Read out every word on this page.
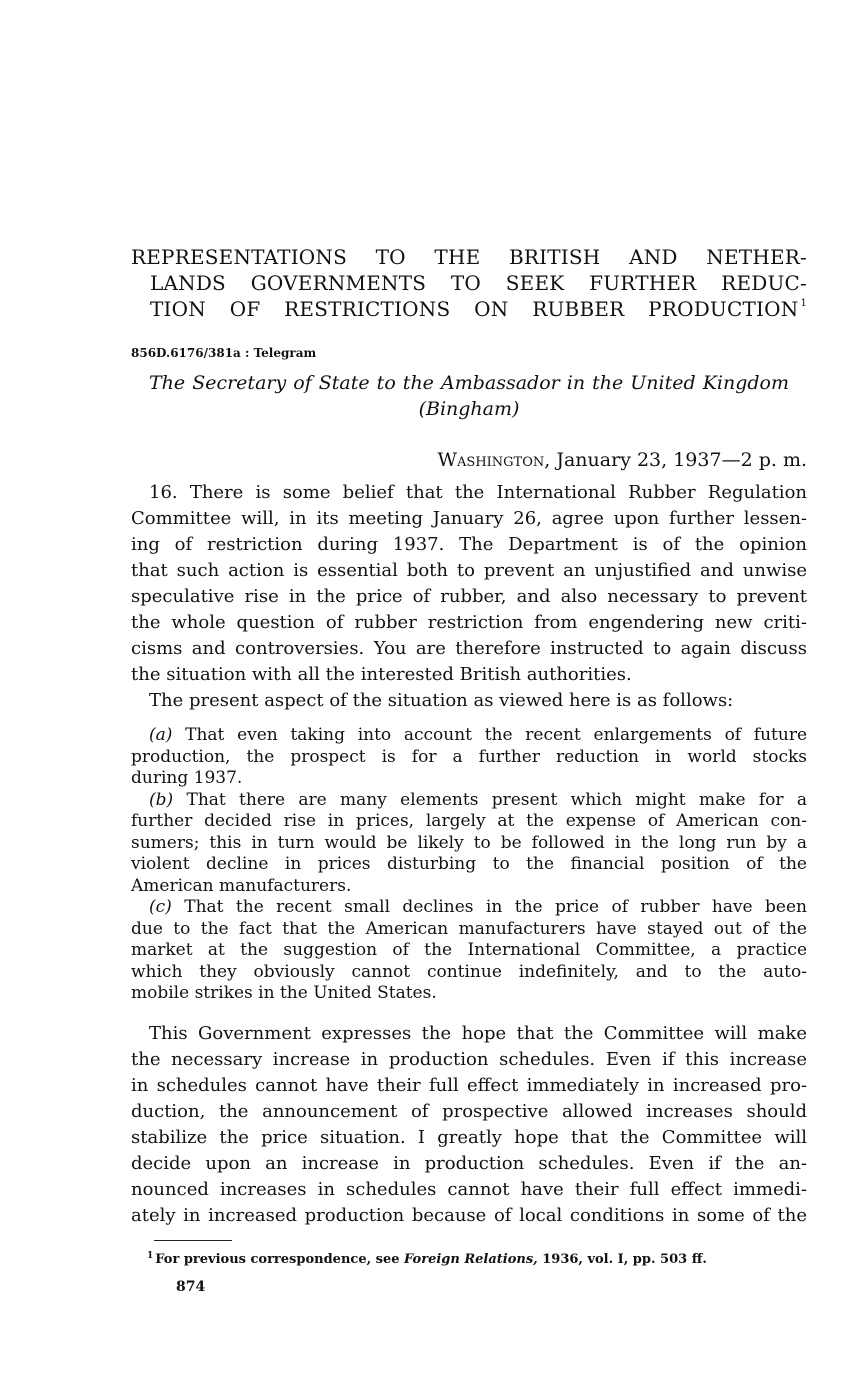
REPRESENTATIONS TO THE BRITISH AND NETHER-
LANDS GOVERNMENTS TO SEEK FURTHER REDUC-
TION OF RESTRICTIONS ON RUBBER PRODUCTION $^1$
856D.6176/381a : Telegram
The Secretary of State to the Ambassador in the United Kingdom
(Bingham)
Washington, January 23, 1937—2 p. m.
16. There is some belief that the International Rubber Regulation
Committee will, in its meeting January 26, agree upon further lessen-
ing of restriction during 1937. The Department is of the opinion
that such action is essential both to prevent an unjustified and unwise
speculative rise in the price of rubber, and also necessary to prevent
the whole question of rubber restriction from engendering new criti-
cisms and controversies. You are therefore instructed to again discuss
the situation with all the interested British authorities.
The present aspect of the situation as viewed here is as follows:
(a) That even taking into account the recent enlargements of future
production, the prospect is for a further reduction in world stocks
during 1937.
(b) That there are many elements present which might make for a
further decided rise in prices, largely at the expense of American con-
sumers; this in turn would be likely to be followed in the long run by a
violent decline in prices disturbing to the financial position of the
American manufacturers.
(c) That the recent small declines in the price of rubber have been
due to the fact that the American manufacturers have stayed out of the
market at the suggestion of the International Committee, a practice
which they obviously cannot continue indefinitely, and to the auto-
mobile strikes in the United States.
This Government expresses the hope that the Committee will make
the necessary increase in production schedules. Even if this increase
in schedules cannot have their full effect immediately in increased pro-
duction, the announcement of prospective allowed increases should
stabilize the price situation. I greatly hope that the Committee will
decide upon an increase in production schedules. Even if the an-
nounced increases in schedules cannot have their full effect immedi-
ately in increased production because of local conditions in some of the
$^1$ For previous correspondence, see Foreign Relations, 1936, vol. I, pp. 503 ff.
874
